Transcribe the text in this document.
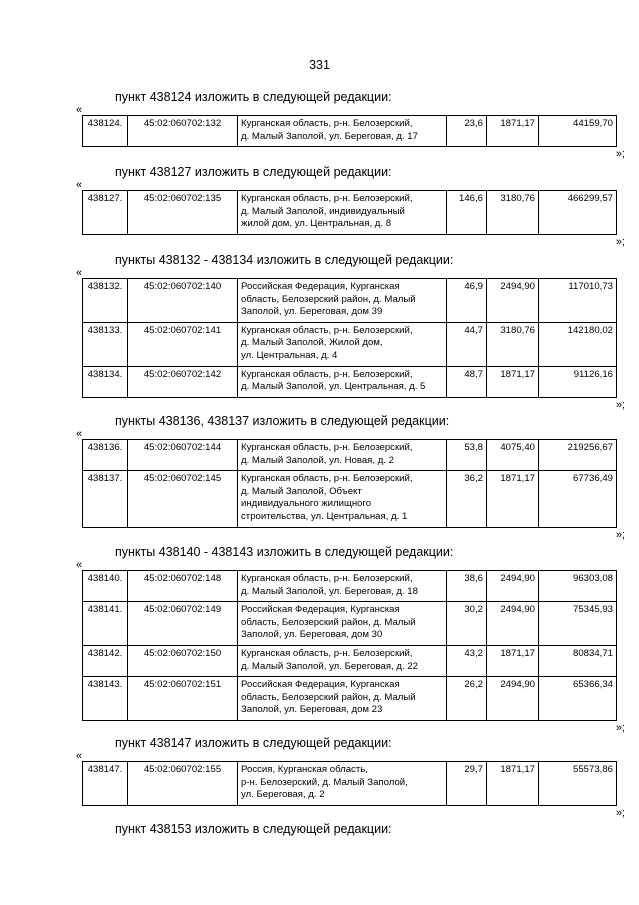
331
пункт 438124 изложить в следующей редакции:
«
438124.	45:02:060702:132	Курганская область, р-н. Белозерский,
д. Малый Заполой, ул. Береговая, д. 17	23,6	1871,17	44159,70
»;
пункт 438127 изложить в следующей редакции:
«
438127.	45:02:060702:135	Курганская область, р-н. Белозерский,
д. Малый Заполой, индивидуальный
жилой дом, ул. Центральная, д. 8	146,6	3180,76	466299,57
»;
пункты 438132 - 438134 изложить в следующей редакции:
«
438132.	45:02:060702:140	Российская Федерация, Курганская
область, Белозерский район, д. Малый
Заполой, ул. Береговая, дом 39	46,9	2494,90	117010,73
438133.	45:02:060702:141	Курганская область, р-н. Белозерский,
д. Малый Заполой, Жилой дом,
ул. Центральная, д. 4	44,7	3180,76	142180,02
438134.	45:02:060702:142	Курганская область, р-н. Белозерский,
д. Малый Заполой, ул. Центральная, д. 5	48,7	1871,17	91126,16
»;
пункты 438136, 438137 изложить в следующей редакции:
«
438136.	45:02:060702:144	Курганская область, р-н. Белозерский,
д. Малый Заполой, ул. Новая, д. 2	53,8	4075,40	219256,67
438137.	45:02:060702:145	Курганская область, р-н. Белозерский,
д. Малый Заполой, Объект
индивидуального жилищного
строительства, ул. Центральная, д. 1	36,2	1871,17	67736,49
»;
пункты 438140 - 438143 изложить в следующей редакции:
«
438140.	45:02:060702:148	Курганская область, р-н. Белозерский,
д. Малый Заполой, ул. Береговая, д. 18	38,6	2494,90	96303,08
438141.	45:02:060702:149	Российская Федерация, Курганская
область, Белозерский район, д. Малый
Заполой, ул. Береговая, дом 30	30,2	2494,90	75345,93
438142.	45:02:060702:150	Курганская область, р-н. Белозерский,
д. Малый Заполой, ул. Береговая, д. 22	43,2	1871,17	80834,71
438143.	45:02:060702:151	Российская Федерация, Курганская
область, Белозерский район, д. Малый
Заполой, ул. Береговая, дом 23	26,2	2494,90	65366,34
»;
пункт 438147 изложить в следующей редакции:
«
438147.	45:02:060702:155	Россия, Курганская область,
р-н. Белозерский, д. Малый Заполой,
ул. Береговая, д. 2	29,7	1871,17	55573,86
»;
пункт 438153 изложить в следующей редакции:
